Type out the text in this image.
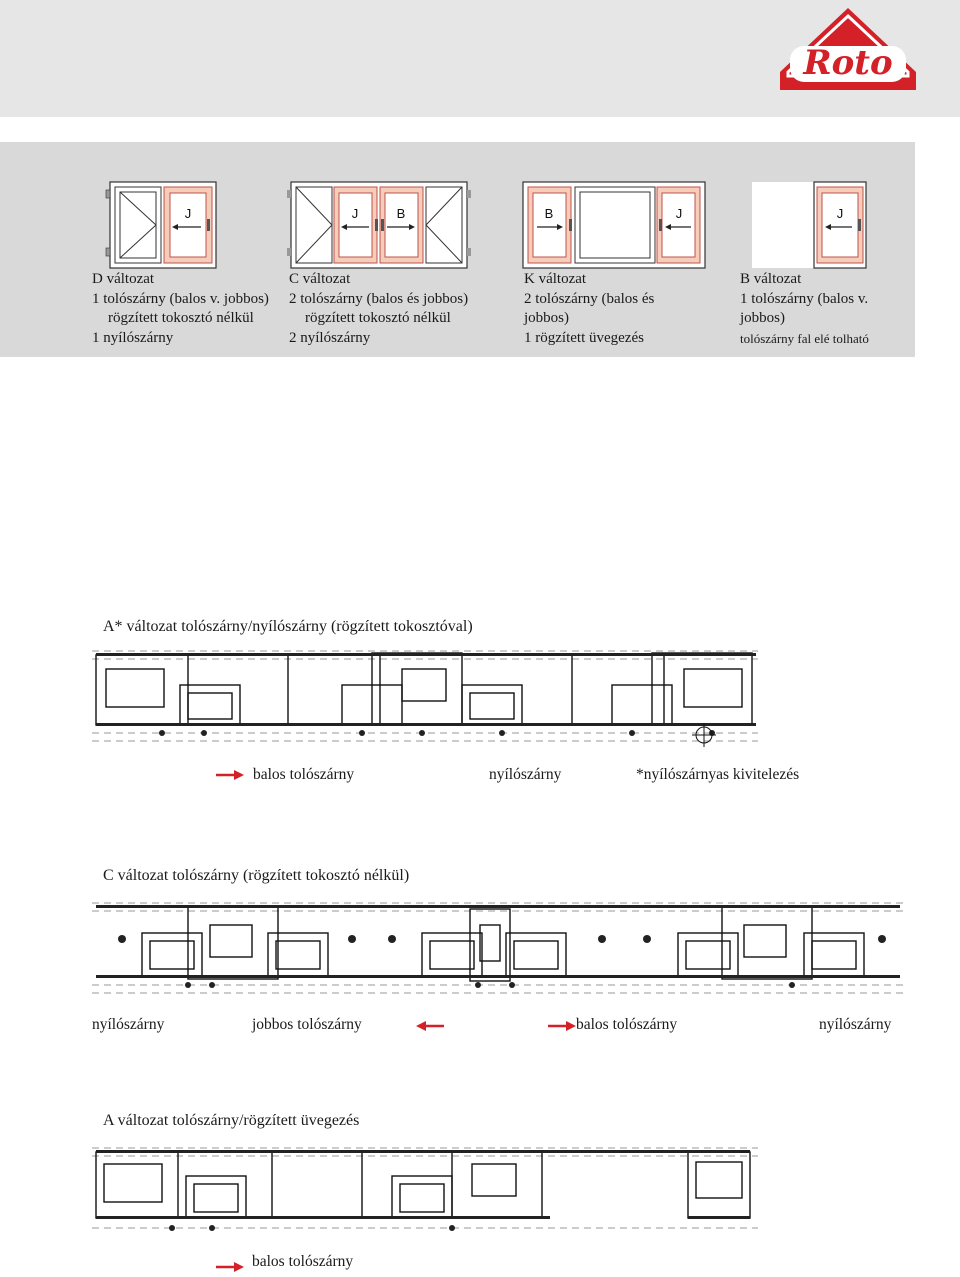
Roto
J	J	B	B	J	J
D változat
1 tolószárny (balos v. jobbos)
rögzített tokosztó nélkül
1 nyílószárny
C változat
2 tolószárny (balos és jobbos)
rögzített tokosztó nélkül
2 nyílószárny
K változat
2 tolószárny (balos és
jobbos)
1 rögzített üvegezés
B változat
1 tolószárny (balos v.
jobbos)
tolószárny fal elé tolható
A* változat tolószárny/nyílószárny (rögzített tokosztóval)
balos tolószárny	nyílószárny	*nyílószárnyas kivitelezés
C változat tolószárny (rögzített tokosztó nélkül)
nyílószárny	jobbos tolószárny	balos tolószárny	nyílószárny
A változat tolószárny/rögzített üvegezés
balos tolószárny
